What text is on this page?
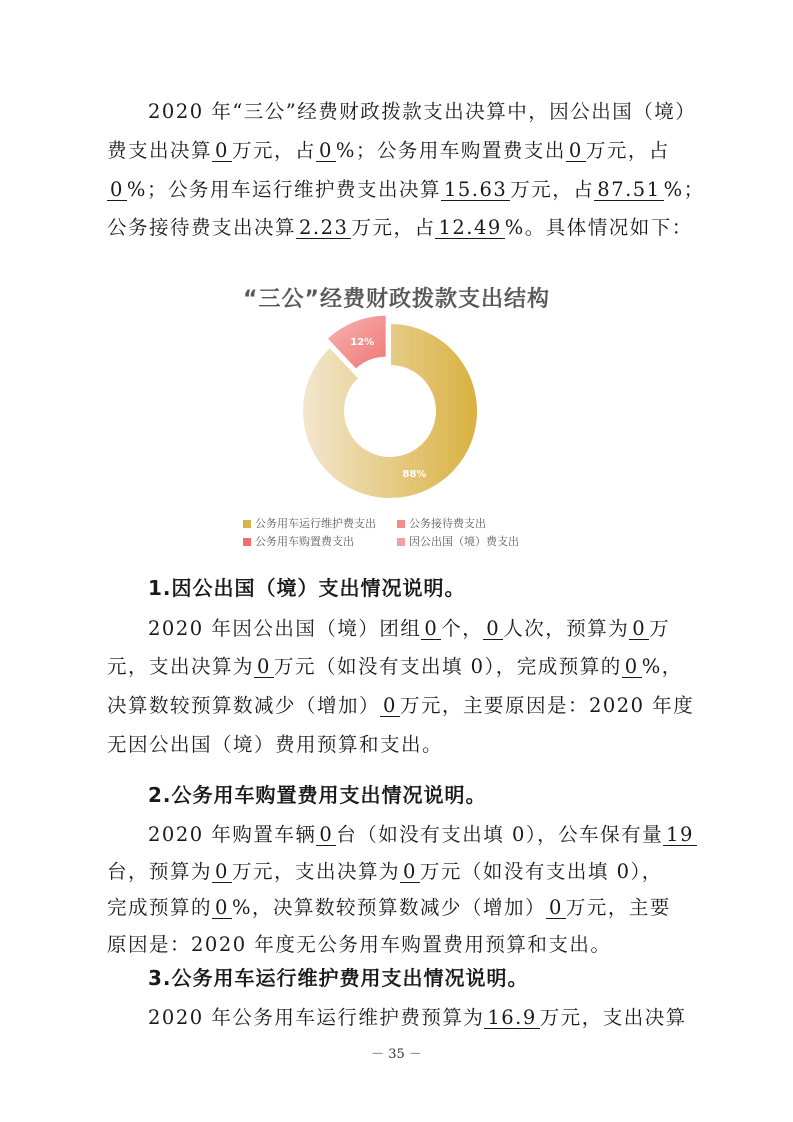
2020 年“三公”经费财政拨款支出决算中，因公出国（境）
费支出决算 0 万元，占 0 %；公务用车购置费支出 0 万元，占
0 %；公务用车运行维护费支出决算 15.63 万元，占 87.51 %；
公务接待费支出决算 2.23 万元，占 12.49 %。具体情况如下：
“三公”经费财政拨款支出结构
88%
12%
公务用车运行维护费支出	公务接待费支出
公务用车购置费支出	因公出国（境）费支出
1.因公出国（境）支出情况说明。
2020 年因公出国（境）团组 0 个， 0 人次，预算为 0 万
元，支出决算为 0 万元（如没有支出填 0），完成预算的 0 %，
决算数较预算数减少（增加） 0 万元，主要原因是：2020 年度
无因公出国（境）费用预算和支出。
2.公务用车购置费用支出情况说明。
2020 年购置车辆 0 台（如没有支出填 0），公车保有量 19
台，预算为 0 万元，支出决算为 0 万元（如没有支出填 0），
完成预算的 0 %，决算数较预算数减少（增加） 0 万元，主要
原因是：2020 年度无公务用车购置费用预算和支出。
3.公务用车运行维护费用支出情况说明。
2020 年公务用车运行维护费预算为 16.9 万元，支出决算
－ 35 －
